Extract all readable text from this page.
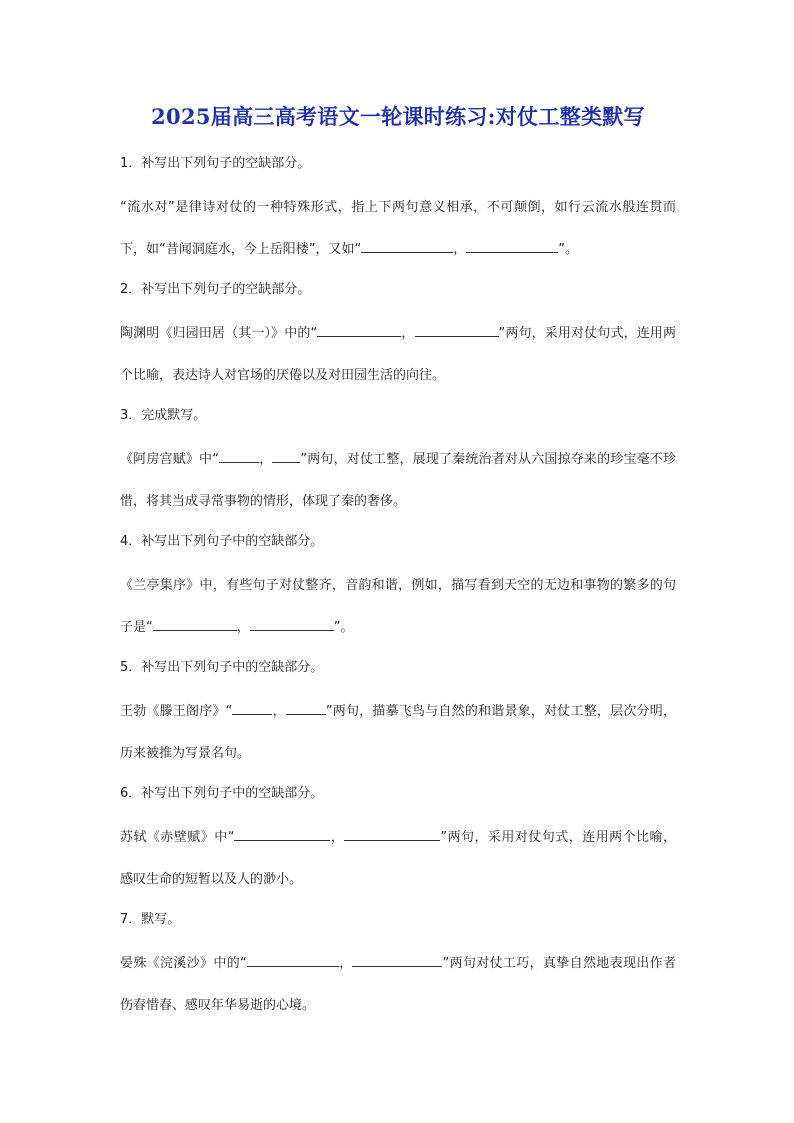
2025届高三高考语文一轮课时练习:对仗工整类默写

1．补写出下列句子的空缺部分。

“流水对”是律诗对仗的一种特殊形式，指上下两句意义相承，不可颠倒，如行云流水般连贯而下，如“昔闻洞庭水，今上岳阳楼”，又如“	，	”。

2．补写出下列句子的空缺部分。

陶渊明《归园田居（其一）》中的“	，	”两句，采用对仗句式，连用两个比喻，表达诗人对官场的厌倦以及对田园生活的向往。

3．完成默写。

《阿房宫赋》中“	， ”两句，对仗工整，展现了秦统治者对从六国掠夺来的珍宝毫不珍惜，将其当成寻常事物的情形，体现了秦的奢侈。

4．补写出下列句子中的空缺部分。

《兰亭集序》中，有些句子对仗整齐，音韵和谐，例如，描写看到天空的无边和事物的繁多的句子是“	，	”。

5．补写出下列句子中的空缺部分。

王勃《滕王阁序》“	，	”两句，描摹飞鸟与自然的和谐景象，对仗工整，层次分明，历来被推为写景名句。

6．补写出下列句子中的空缺部分。

苏轼《赤壁赋》中“	，	”两句，采用对仗句式，连用两个比喻，感叹生命的短暂以及人的渺小。

7．默写。

晏殊《浣溪沙》中的“	，	”两句对仗工巧，真挚自然地表现出作者伤春惜春、感叹年华易逝的心境。
